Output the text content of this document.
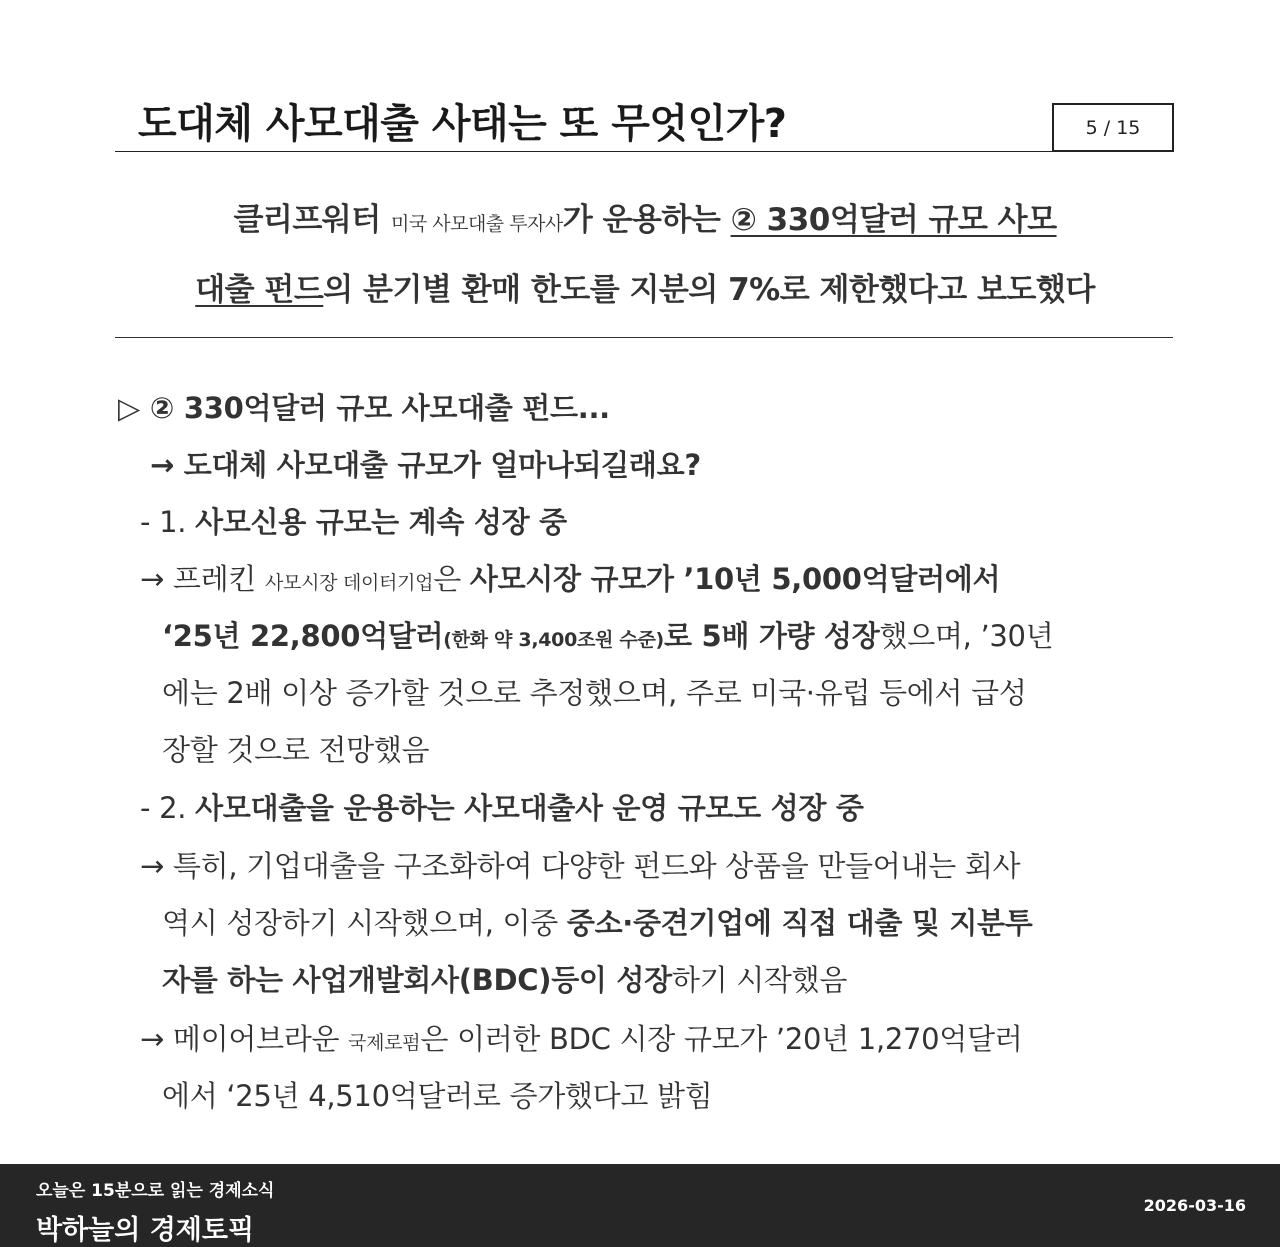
도대체 사모대출 사태는 또 무엇인가?	5 / 15
클리프워터 미국 사모대출 투자사가 운용하는 ② 330억달러 규모 사모
대출 펀드의 분기별 환매 한도를 지분의 7%로 제한했다고 보도했다
▷ ② 330억달러 규모 사모대출 펀드...
→ 도대체 사모대출 규모가 얼마나되길래요?
- 1. 사모신용 규모는 계속 성장 중
→ 프레킨 사모시장 데이터기업은 사모시장 규모가 ’10년 5,000억달러에서
‘25년 22,800억달러(한화 약 3,400조원 수준)로 5배 가량 성장했으며, ’30년
에는 2배 이상 증가할 것으로 추정했으며, 주로 미국·유럽 등에서 급성
장할 것으로 전망했음
- 2. 사모대출을 운용하는 사모대출사 운영 규모도 성장 중
→ 특히, 기업대출을 구조화하여 다양한 펀드와 상품을 만들어내는 회사
역시 성장하기 시작했으며, 이중 중소·중견기업에 직접 대출 및 지분투
자를 하는 사업개발회사(BDC)등이 성장하기 시작했음
→ 메이어브라운 국제로펌은 이러한 BDC 시장 규모가 ’20년 1,270억달러
에서 ‘25년 4,510억달러로 증가했다고 밝힘
오늘은 15분으로 읽는 경제소식
박하늘의 경제토픽
2026-03-16
